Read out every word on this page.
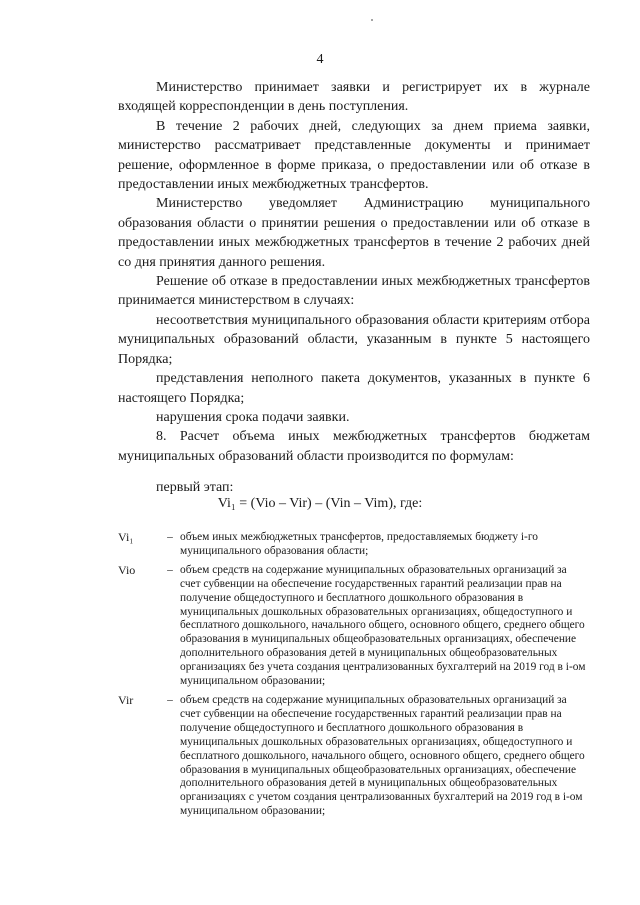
4

Министерство принимает заявки и регистрирует их в журнале входящей корреспонденции в день поступления.

В течение 2 рабочих дней, следующих за днем приема заявки, министерство рассматривает представленные документы и принимает решение, оформленное в форме приказа, о предоставлении или об отказе в предоставлении иных межбюджетных трансфертов.

Министерство уведомляет Администрацию муниципального образования области о принятии решения о предоставлении или об отказе в предоставлении иных межбюджетных трансфертов в течение 2 рабочих дней со дня принятия данного решения.

Решение об отказе в предоставлении иных межбюджетных трансфертов принимается министерством в случаях:

несоответствия муниципального образования области критериям отбора муниципальных образований области, указанным в пункте 5 настоящего Порядка;

представления неполного пакета документов, указанных в пункте 6 настоящего Порядка;

нарушения срока подачи заявки.

8. Расчет объема иных межбюджетных трансфертов бюджетам муниципальных образований области производится по формулам:

первый этап:

Vi₁ = (Vio – Vir) – (Vin – Vim), где:
Vi₁	– объем иных межбюджетных трансфертов, предоставляемых бюджету i-го муниципального образования области;
Vio	– объем средств на содержание муниципальных образовательных организаций за счет субвенции на обеспечение государственных гарантий реализации прав на получение общедоступного и бесплатного дошкольного образования в муниципальных дошкольных образовательных организациях, общедоступного и бесплатного дошкольного, начального общего, основного общего, среднего общего образования в муниципальных общеобразовательных организациях, обеспечение дополнительного образования детей в муниципальных общеобразовательных организациях без учета создания централизованных бухгалтерий на 2019 год в i-ом муниципальном образовании;
Vir	– объем средств на содержание муниципальных образовательных организаций за счет субвенции на обеспечение государственных гарантий реализации прав на получение общедоступного и бесплатного дошкольного образования в муниципальных дошкольных образовательных организациях, общедоступного и бесплатного дошкольного, начального общего, основного общего, среднего общего образования в муниципальных общеобразовательных организациях, обеспечение дополнительного образования детей в муниципальных общеобразовательных организациях с учетом создания централизованных бухгалтерий на 2019 год в i-ом муниципальном образовании;
